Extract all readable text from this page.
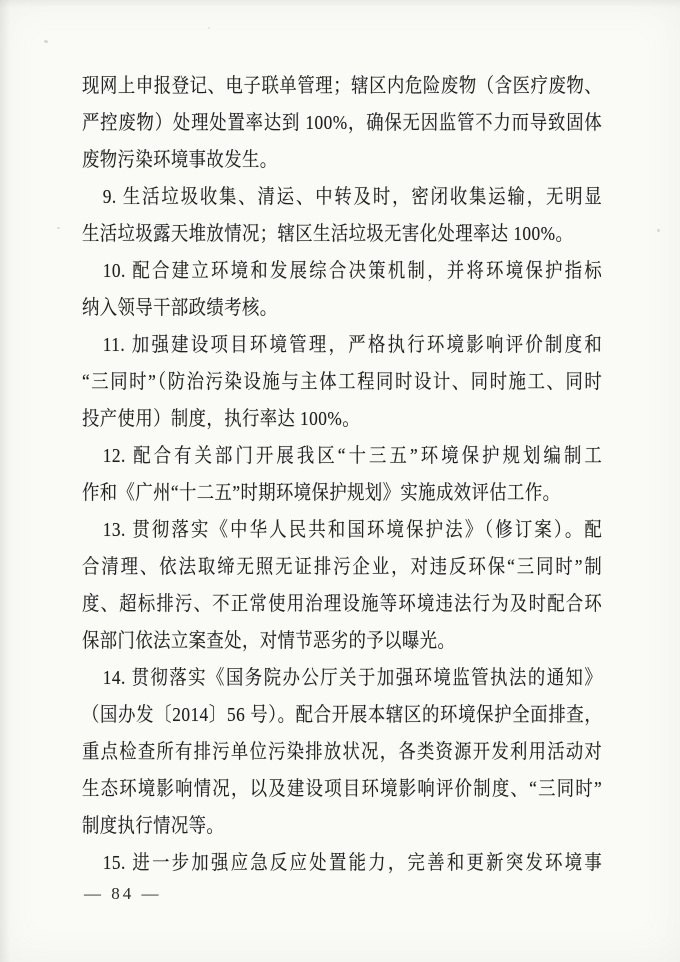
现网上申报登记、电子联单管理；辖区内危险废物（含医疗废物、
严控废物）处理处置率达到 100%，确保无因监管不力而导致固体
废物污染环境事故发生。
9. 生活垃圾收集、清运、中转及时，密闭收集运输，无明显
生活垃圾露天堆放情况；辖区生活垃圾无害化处理率达 100%。
10. 配合建立环境和发展综合决策机制，并将环境保护指标
纳入领导干部政绩考核。
11. 加强建设项目环境管理，严格执行环境影响评价制度和
“三同时”（防治污染设施与主体工程同时设计、同时施工、同时
投产使用）制度，执行率达 100%。
12. 配合有关部门开展我区“十三五”环境保护规划编制工
作和《广州“十二五”时期环境保护规划》实施成效评估工作。
13. 贯彻落实《中华人民共和国环境保护法》（修订案）。配
合清理、依法取缔无照无证排污企业，对违反环保“三同时”制
度、超标排污、不正常使用治理设施等环境违法行为及时配合环
保部门依法立案查处，对情节恶劣的予以曝光。
14. 贯彻落实《国务院办公厅关于加强环境监管执法的通知》
（国办发〔2014〕56 号）。配合开展本辖区的环境保护全面排查，
重点检查所有排污单位污染排放状况，各类资源开发利用活动对
生态环境影响情况，以及建设项目环境影响评价制度、“三同时”
制度执行情况等。
15. 进一步加强应急反应处置能力，完善和更新突发环境事
— 84 —
